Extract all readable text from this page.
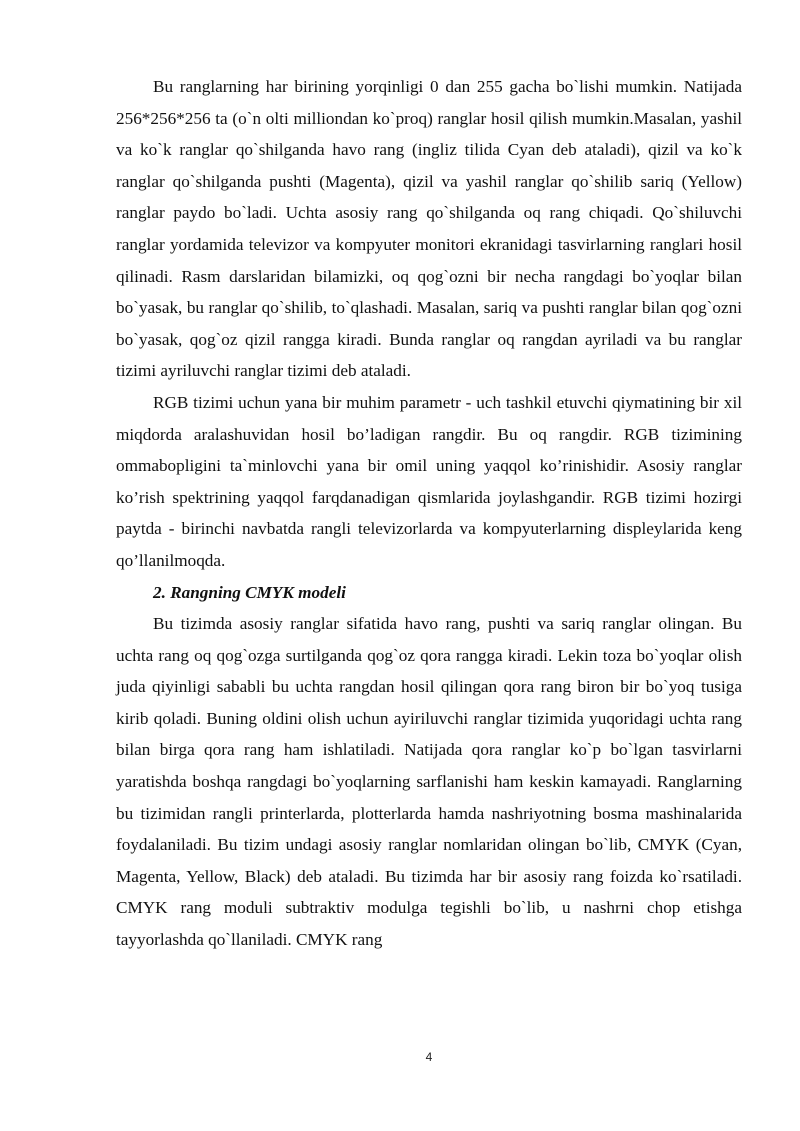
Bu ranglarning har birining yorqinligi 0 dan 255 gacha bo`lishi mumkin. Natijada 256*256*256 ta (o`n olti milliondan ko`proq) ranglar hosil qilish mumkin.Masalan, yashil va ko`k ranglar qo`shilganda havo rang (ingliz tilida Cyan deb ataladi), qizil va ko`k ranglar qo`shilganda pushti (Magenta), qizil va yashil ranglar qo`shilib sariq (Yellow) ranglar paydo bo`ladi. Uchta asosiy rang qo`shilganda oq rang chiqadi. Qo`shiluvchi ranglar yordamida televizor va kompyuter monitori ekranidagi tasvirlarning ranglari hosil qilinadi. Rasm darslaridan bilamizki, oq qog`ozni bir necha rangdagi bo`yoqlar bilan bo`yasak, bu ranglar qo`shilib, to`qlashadi. Masalan, sariq va pushti ranglar bilan qog`ozni bo`yasak, qog`oz qizil rangga kiradi. Bunda ranglar oq rangdan ayriladi va bu ranglar tizimi ayriluvchi ranglar tizimi deb ataladi.

RGB tizimi uchun yana bir muhim parametr - uch tashkil etuvchi qiymatining bir xil miqdorda aralashuvidan hosil bo’ladigan rangdir. Bu oq rangdir. RGB tizimining ommabopligini ta`minlovchi yana bir omil uning yaqqol ko’rinishidir. Asosiy ranglar ko’rish spektrining yaqqol farqdanadigan qismlarida joylashgandir. RGB tizimi hozirgi paytda - birinchi navbatda rangli televizorlarda va kompyuterlarning displeylarida keng qo’llanilmoqda.

2. Rangning CMYK modeli

Bu tizimda asosiy ranglar sifatida havo rang, pushti va sariq ranglar olingan. Bu uchta rang oq qog`ozga surtilganda qog`oz qora rangga kiradi. Lekin toza bo`yoqlar olish juda qiyinligi sababli bu uchta rangdan hosil qilingan qora rang biron bir bo`yoq tusiga kirib qoladi. Buning oldini olish uchun ayiriluvchi ranglar tizimida yuqoridagi uchta rang bilan birga qora rang ham ishlatiladi. Natijada qora ranglar ko`p bo`lgan tasvirlarni yaratishda boshqa rangdagi bo`yoqlarning sarflanishi ham keskin kamayadi. Ranglarning bu tizimidan rangli printerlarda, plotterlarda hamda nashriyotning bosma mashinalarida foydalaniladi. Bu tizim undagi asosiy ranglar nomlaridan olingan bo`lib, CMYK (Cyan, Magenta, Yellow, Black) deb ataladi. Bu tizimda har bir asosiy rang foizda ko`rsatiladi. CMYK rang moduli subtraktiv modulga tegishli bo`lib, u nashrni chop etishga tayyorlashda qo`llaniladi. CMYK rang

4
